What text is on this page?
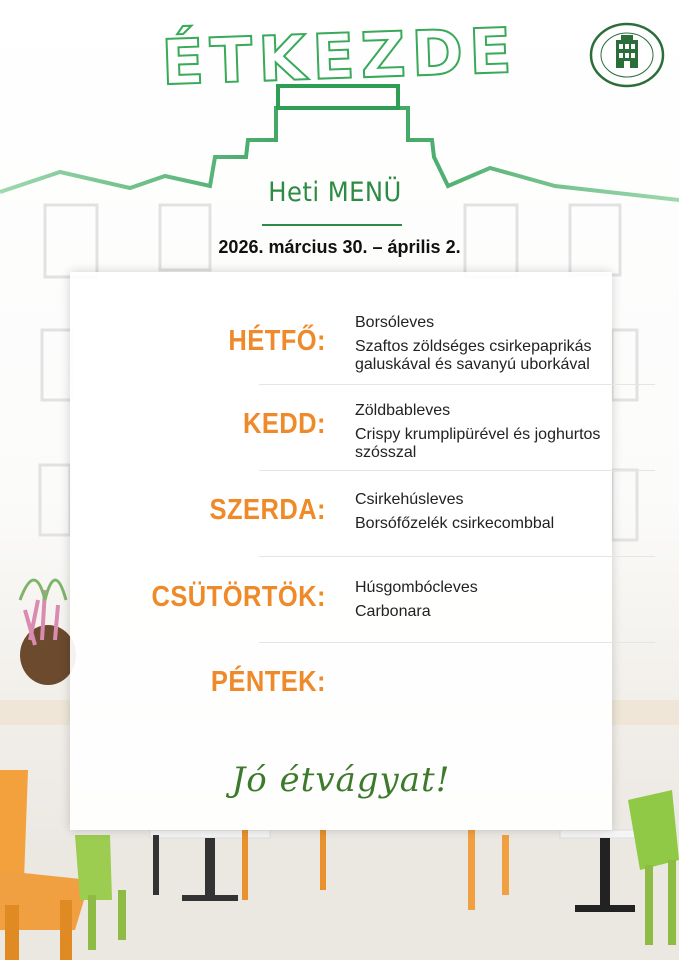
ÉTKEZDE
Heti MENÜ
2026. március 30. – április 2.
HÉTFŐ:
Borsóleves
Szaftos zöldséges csirkepaprikás galuskával és savanyú uborkával
KEDD: Zöldbableves
Crispy krumplipürével és joghurtos szósszal
SZERDA: Csirkehúsleves
Borsófőzelék csirkecombbal
CSÜTÖRTÖK: Húsgombócleves
Carbonara
PÉNTEK:
Jó étvágyat!
